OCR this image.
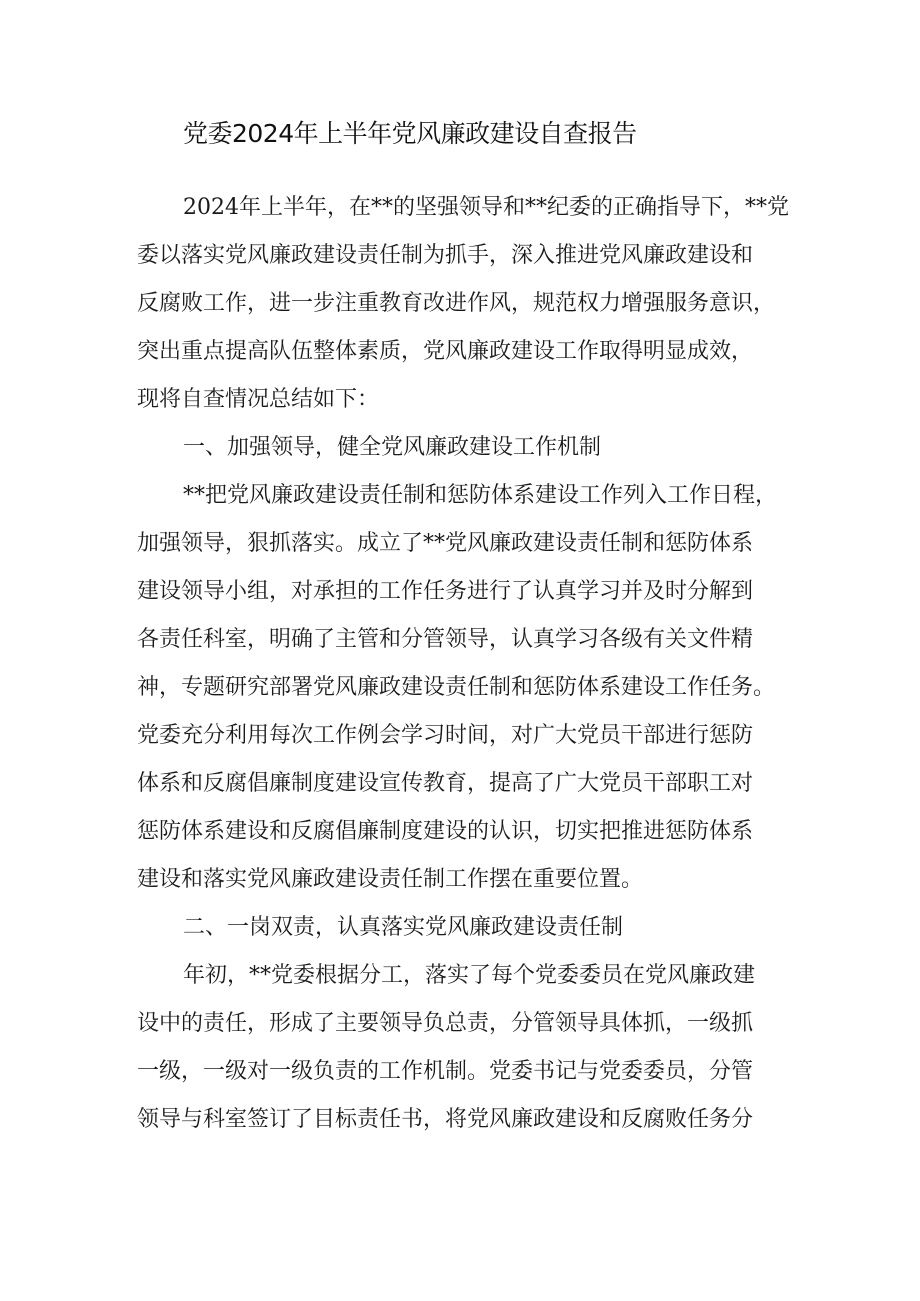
党委2024年上半年党风廉政建设自查报告

2024年上半年，在**的坚强领导和**纪委的正确指导下，**党

委以落实党风廉政建设责任制为抓手，深入推进党风廉政建设和

反腐败工作，进一步注重教育改进作风，规范权力增强服务意识，

突出重点提高队伍整体素质，党风廉政建设工作取得明显成效，

现将自查情况总结如下：

一、加强领导，健全党风廉政建设工作机制

**把党风廉政建设责任制和惩防体系建设工作列入工作日程，

加强领导，狠抓落实。成立了**党风廉政建设责任制和惩防体系

建设领导小组，对承担的工作任务进行了认真学习并及时分解到

各责任科室，明确了主管和分管领导，认真学习各级有关文件精

神，专题研究部署党风廉政建设责任制和惩防体系建设工作任务。

党委充分利用每次工作例会学习时间，对广大党员干部进行惩防

体系和反腐倡廉制度建设宣传教育，提高了广大党员干部职工对

惩防体系建设和反腐倡廉制度建设的认识，切实把推进惩防体系

建设和落实党风廉政建设责任制工作摆在重要位置。

二、一岗双责，认真落实党风廉政建设责任制

年初，**党委根据分工，落实了每个党委委员在党风廉政建

设中的责任，形成了主要领导负总责，分管领导具体抓，一级抓

一级，一级对一级负责的工作机制。党委书记与党委委员，分管

领导与科室签订了目标责任书，将党风廉政建设和反腐败任务分
